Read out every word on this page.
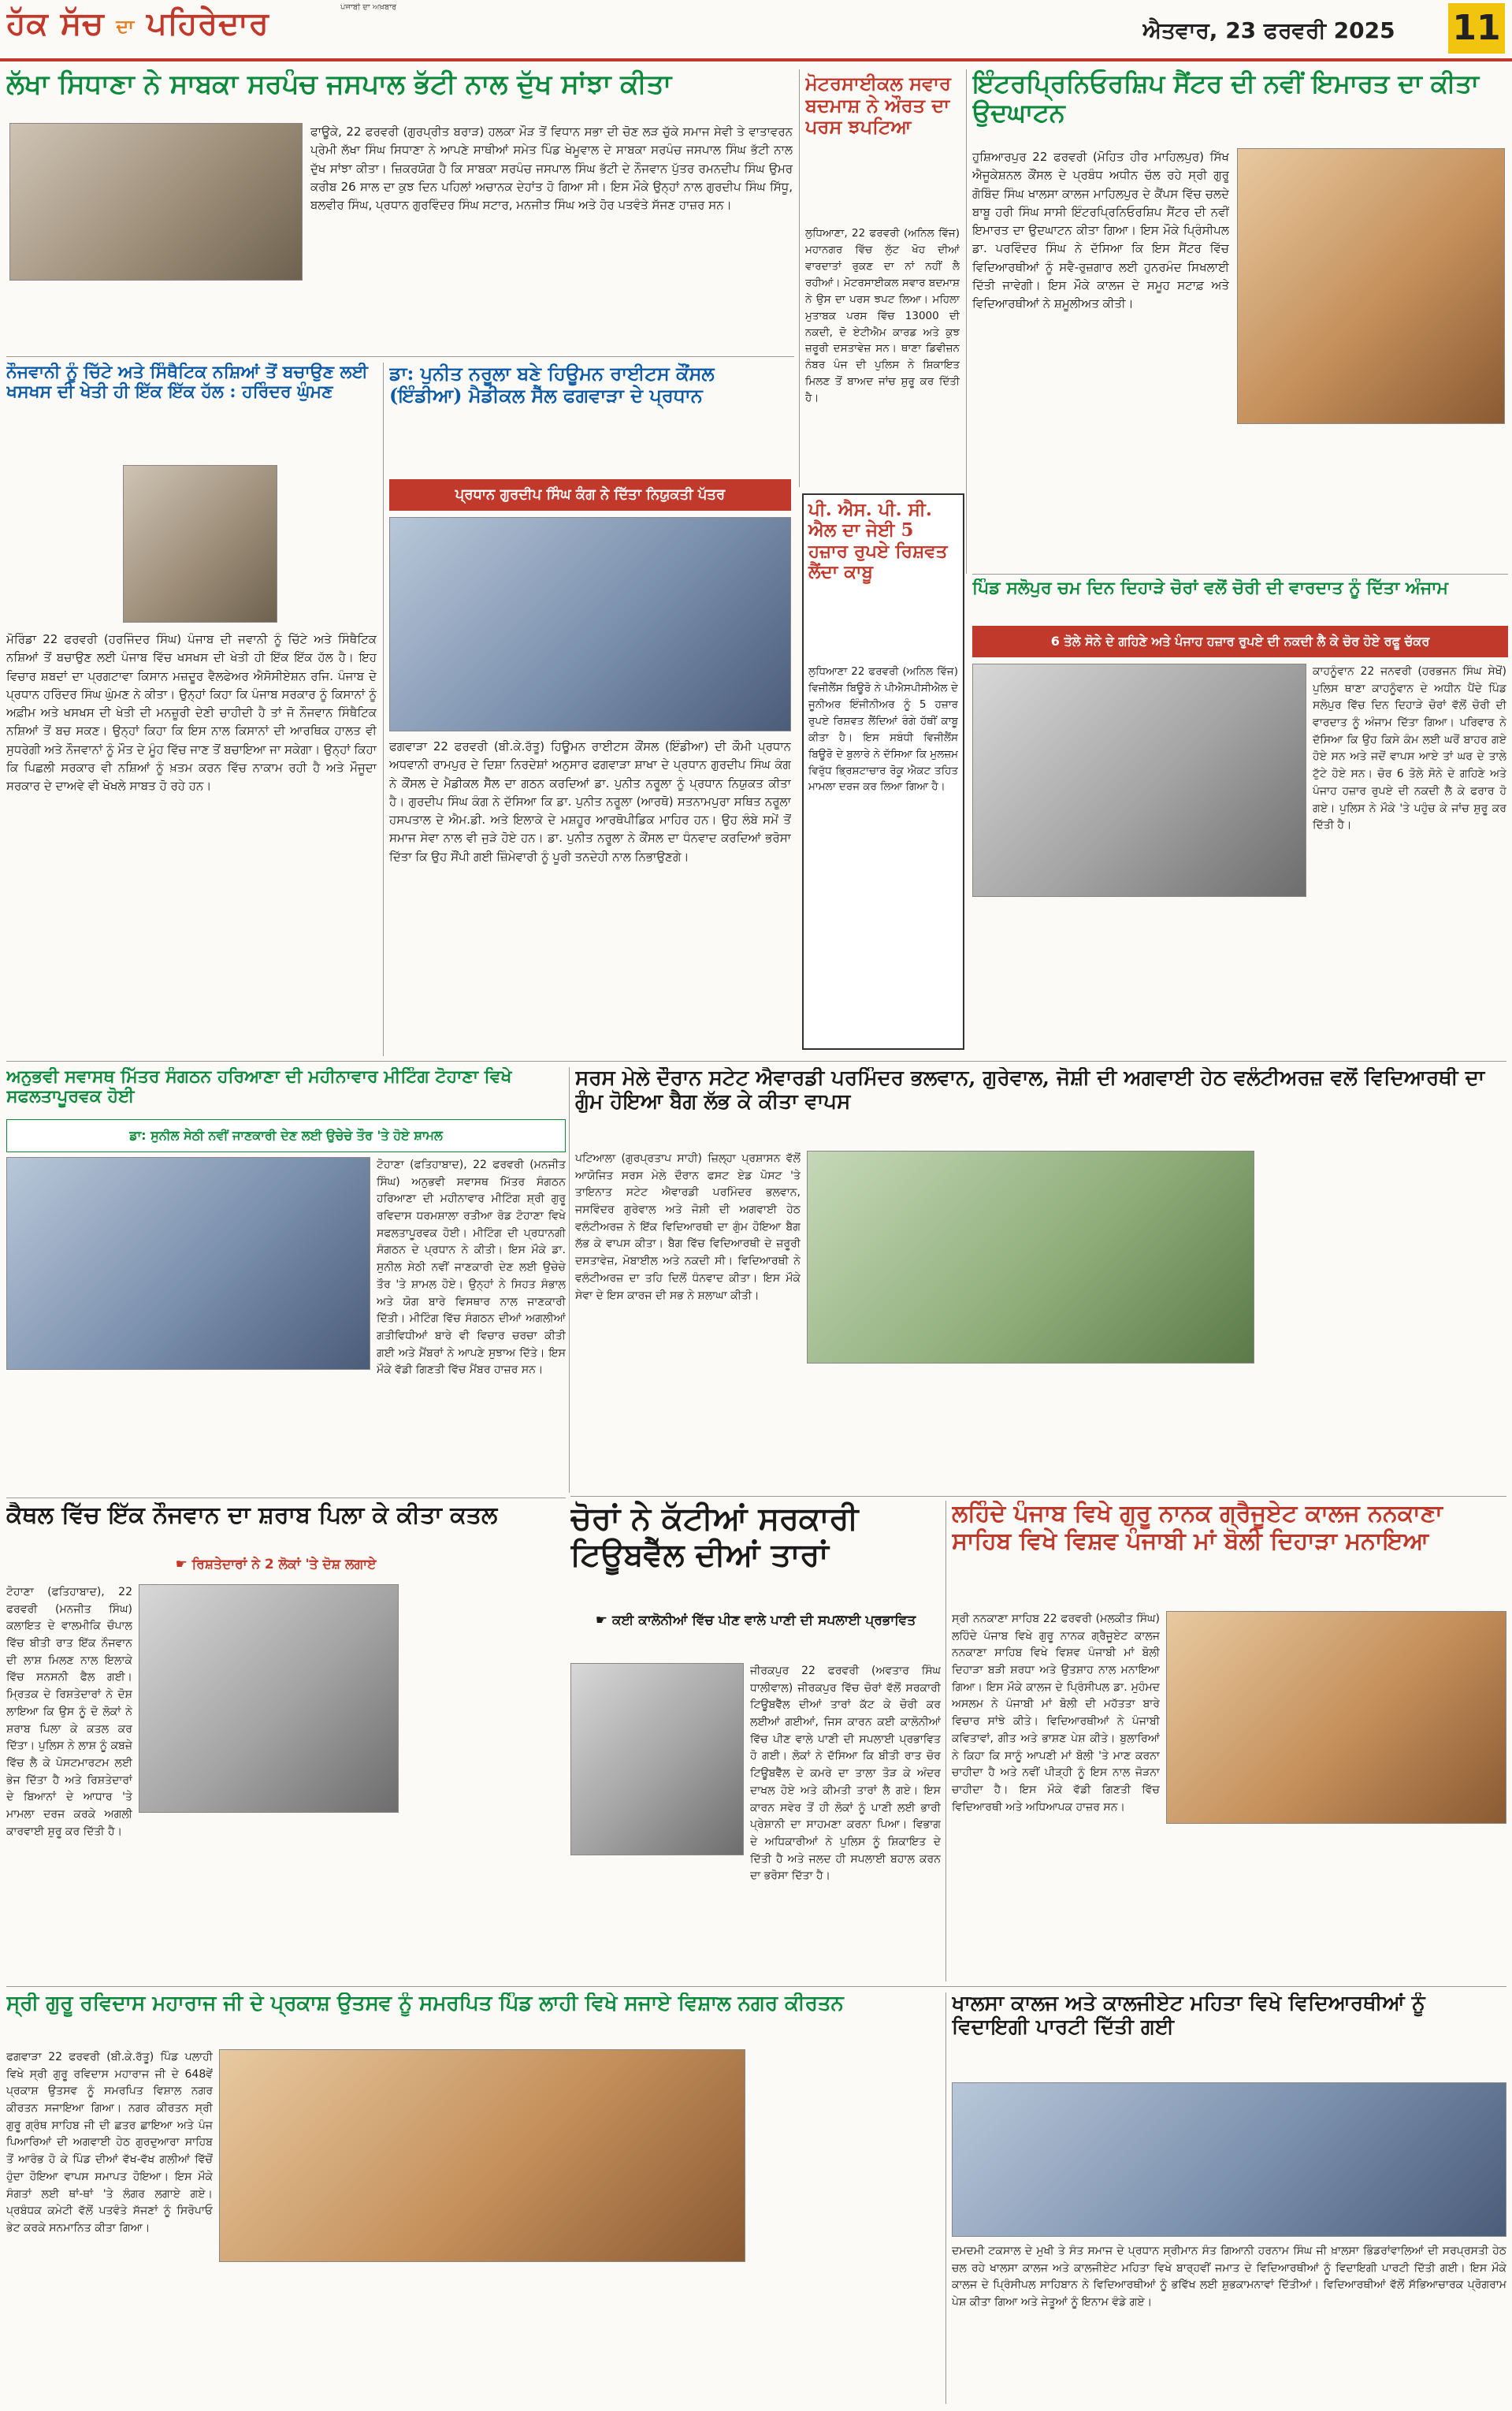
ਹੱਕ ਸੱਚ ਦਾ ਪਹਿਰੇਦਾਰ	ਪੰਜਾਬੀ ਦਾ ਅਖ਼ਬਾਰ
ਐਤਵਾਰ, 23 ਫਰਵਰੀ 2025 11
ਲੱਖਾ ਸਿਧਾਣਾ ਨੇ ਸਾਬਕਾ ਸਰਪੰਚ ਜਸਪਾਲ ਭੱਟੀ ਨਾਲ ਦੁੱਖ ਸਾਂਝਾ ਕੀਤਾ
ਫਾਊਕੇ, 22 ਫਰਵਰੀ (ਗੁਰਪ੍ਰੀਤ ਬਰਾੜ) ਹਲਕਾ ਮੌੜ ਤੋਂ ਵਿਧਾਨ ਸਭਾ ਦੀ ਚੋਣ ਲੜ ਚੁੱਕੇ ਸਮਾਜ ਸੇਵੀ ਤੇ ਵਾਤਾਵਰਨ ਪ੍ਰੇਮੀ ਲੱਖਾ ਸਿੰਘ ਸਿਧਾਣਾ ਨੇ ਆਪਣੇ ਸਾਥੀਆਂ ਸਮੇਤ ਪਿੰਡ ਖੇਮੂਵਾਲ ਦੇ ਸਾਬਕਾ ਸਰਪੰਚ ਜਸਪਾਲ ਸਿੰਘ ਭੱਟੀ ਨਾਲ ਦੁੱਖ ਸਾਂਝਾ ਕੀਤਾ। ਜ਼ਿਕਰਯੋਗ ਹੈ ਕਿ ਸਾਬਕਾ ਸਰਪੰਚ ਜਸਪਾਲ ਸਿੰਘ ਭੱਟੀ ਦੇ ਨੌਜਵਾਨ ਪੁੱਤਰ ਰਮਨਦੀਪ ਸਿੰਘ ਉਮਰ ਕਰੀਬ 26 ਸਾਲ ਦਾ ਕੁਝ ਦਿਨ ਪਹਿਲਾਂ ਅਚਾਨਕ ਦੇਹਾਂਤ ਹੋ ਗਿਆ ਸੀ। ਇਸ ਮੌਕੇ ਉਨ੍ਹਾਂ ਨਾਲ ਗੁਰਦੀਪ ਸਿੰਘ ਸਿੱਧੂ, ਬਲਵੀਰ ਸਿੰਘ, ਪ੍ਰਧਾਨ ਗੁਰਵਿੰਦਰ ਸਿੰਘ ਸਟਾਰ, ਮਨਜੀਤ ਸਿੰਘ ਅਤੇ ਹੋਰ ਪਤਵੰਤੇ ਸੱਜਣ ਹਾਜ਼ਰ ਸਨ।
ਮੋਟਰਸਾਈਕਲ ਸਵਾਰ ਬਦਮਾਸ਼ ਨੇ ਔਰਤ ਦਾ ਪਰਸ ਝਪਟਿਆ
ਲੁਧਿਆਣਾ, 22 ਫਰਵਰੀ (ਅਨਿਲ ਵਿੱਜ) ਮਹਾਨਗਰ ਵਿੱਚ ਲੁੱਟ ਖੋਹ ਦੀਆਂ ਵਾਰਦਾਤਾਂ ਰੁਕਣ ਦਾ ਨਾਂ ਨਹੀਂ ਲੈ ਰਹੀਆਂ। ਮੋਟਰਸਾਈਕਲ ਸਵਾਰ ਬਦਮਾਸ਼ ਨੇ ਉਸ ਦਾ ਪਰਸ ਝਪਟ ਲਿਆ। ਮਹਿਲਾ ਮੁਤਾਬਕ ਪਰਸ ਵਿੱਚ 13000 ਦੀ ਨਕਦੀ, ਦੋ ਏਟੀਐਮ ਕਾਰਡ ਅਤੇ ਕੁਝ ਜ਼ਰੂਰੀ ਦਸਤਾਵੇਜ਼ ਸਨ। ਥਾਣਾ ਡਿਵੀਜ਼ਨ ਨੰਬਰ ਪੰਜ ਦੀ ਪੁਲਿਸ ਨੇ ਸ਼ਿਕਾਇਤ ਮਿਲਣ ਤੋਂ ਬਾਅਦ ਜਾਂਚ ਸ਼ੁਰੂ ਕਰ ਦਿੱਤੀ ਹੈ।
ਇੰਟਰਪ੍ਰਿਨਿਓਰਸ਼ਿਪ ਸੈਂਟਰ ਦੀ ਨਵੀਂ ਇਮਾਰਤ ਦਾ ਕੀਤਾ ਉਦਘਾਟਨ
ਹੁਸ਼ਿਆਰਪੁਰ 22 ਫਰਵਰੀ (ਮੋਹਿਤ ਹੀਰ ਮਾਹਿਲਪੁਰ) ਸਿੱਖ ਐਜੂਕੇਸ਼ਨਲ ਕੌਂਸਲ ਦੇ ਪ੍ਰਬੰਧ ਅਧੀਨ ਚੱਲ ਰਹੇ ਸ੍ਰੀ ਗੁਰੂ ਗੋਬਿੰਦ ਸਿੰਘ ਖਾਲਸਾ ਕਾਲਜ ਮਾਹਿਲਪੁਰ ਦੇ ਕੈਂਪਸ ਵਿੱਚ ਚਲਦੇ ਬਾਬੂ ਹਰੀ ਸਿੰਘ ਸਾਸੀ ਇੰਟਰਪ੍ਰਿਨਿਓਰਸ਼ਿਪ ਸੈਂਟਰ ਦੀ ਨਵੀਂ ਇਮਾਰਤ ਦਾ ਉਦਘਾਟਨ ਕੀਤਾ ਗਿਆ। ਇਸ ਮੌਕੇ ਪ੍ਰਿੰਸੀਪਲ ਡਾ. ਪਰਵਿੰਦਰ ਸਿੰਘ ਨੇ ਦੱਸਿਆ ਕਿ ਇਸ ਸੈਂਟਰ ਵਿੱਚ ਵਿਦਿਆਰਥੀਆਂ ਨੂੰ ਸਵੈ-ਰੁਜ਼ਗਾਰ ਲਈ ਹੁਨਰਮੰਦ ਸਿਖਲਾਈ ਦਿੱਤੀ ਜਾਵੇਗੀ। ਇਸ ਮੌਕੇ ਕਾਲਜ ਦੇ ਸਮੂਹ ਸਟਾਫ਼ ਅਤੇ ਵਿਦਿਆਰਥੀਆਂ ਨੇ ਸ਼ਮੂਲੀਅਤ ਕੀਤੀ।
ਨੌਜਵਾਨੀ ਨੂੰ ਚਿੱਟੇ ਅਤੇ ਸਿੰਥੈਟਿਕ ਨਸ਼ਿਆਂ ਤੋਂ ਬਚਾਉਣ ਲਈ ਖਸਖਸ ਦੀ ਖੇਤੀ ਹੀ ਇੱਕ ਇੱਕ ਹੱਲ : ਹਰਿੰਦਰ ਘੁੰਮਣ
ਮੋਰਿੰਡਾ 22 ਫਰਵਰੀ (ਹਰਜਿੰਦਰ ਸਿੰਘ) ਪੰਜਾਬ ਦੀ ਜਵਾਨੀ ਨੂੰ ਚਿੱਟੇ ਅਤੇ ਸਿੰਥੈਟਿਕ ਨਸ਼ਿਆਂ ਤੋਂ ਬਚਾਉਣ ਲਈ ਪੰਜਾਬ ਵਿੱਚ ਖਸਖਸ ਦੀ ਖੇਤੀ ਹੀ ਇੱਕ ਇੱਕ ਹੱਲ ਹੈ। ਇਹ ਵਿਚਾਰ ਸ਼ਬਦਾਂ ਦਾ ਪ੍ਰਗਟਾਵਾ ਕਿਸਾਨ ਮਜ਼ਦੂਰ ਵੈਲਫੇਅਰ ਐਸੋਸੀਏਸ਼ਨ ਰਜਿ. ਪੰਜਾਬ ਦੇ ਪ੍ਰਧਾਨ ਹਰਿੰਦਰ ਸਿੰਘ ਘੁੰਮਣ ਨੇ ਕੀਤਾ। ਉਨ੍ਹਾਂ ਕਿਹਾ ਕਿ ਪੰਜਾਬ ਸਰਕਾਰ ਨੂੰ ਕਿਸਾਨਾਂ ਨੂੰ ਅਫ਼ੀਮ ਅਤੇ ਖਸਖਸ ਦੀ ਖੇਤੀ ਦੀ ਮਨਜ਼ੂਰੀ ਦੇਣੀ ਚਾਹੀਦੀ ਹੈ ਤਾਂ ਜੋ ਨੌਜਵਾਨ ਸਿੰਥੈਟਿਕ ਨਸ਼ਿਆਂ ਤੋਂ ਬਚ ਸਕਣ। ਉਨ੍ਹਾਂ ਕਿਹਾ ਕਿ ਇਸ ਨਾਲ ਕਿਸਾਨਾਂ ਦੀ ਆਰਥਿਕ ਹਾਲਤ ਵੀ ਸੁਧਰੇਗੀ ਅਤੇ ਨੌਜਵਾਨਾਂ ਨੂੰ ਮੌਤ ਦੇ ਮੂੰਹ ਵਿੱਚ ਜਾਣ ਤੋਂ ਬਚਾਇਆ ਜਾ ਸਕੇਗਾ। ਉਨ੍ਹਾਂ ਕਿਹਾ ਕਿ ਪਿਛਲੀ ਸਰਕਾਰ ਵੀ ਨਸ਼ਿਆਂ ਨੂੰ ਖ਼ਤਮ ਕਰਨ ਵਿੱਚ ਨਾਕਾਮ ਰਹੀ ਹੈ ਅਤੇ ਮੌਜੂਦਾ ਸਰਕਾਰ ਦੇ ਦਾਅਵੇ ਵੀ ਖੋਖਲੇ ਸਾਬਤ ਹੋ ਰਹੇ ਹਨ।
ਡਾ: ਪੁਨੀਤ ਨਰੂਲਾ ਬਣੇ ਹਿਊਮਨ ਰਾਈਟਸ ਕੌਂਸਲ (ਇੰਡੀਆ) ਮੈਡੀਕਲ ਸੈੱਲ ਫਗਵਾੜਾ ਦੇ ਪ੍ਰਧਾਨ
ਪ੍ਰਧਾਨ ਗੁਰਦੀਪ ਸਿੰਘ ਕੰਗ ਨੇ ਦਿੱਤਾ ਨਿਯੁਕਤੀ ਪੱਤਰ
ਫਗਵਾੜਾ 22 ਫਰਵਰੀ (ਬੀ.ਕੇ.ਰੱਤੂ) ਹਿਊਮਨ ਰਾਈਟਸ ਕੌਂਸਲ (ਇੰਡੀਆ) ਦੀ ਕੌਮੀ ਪ੍ਰਧਾਨ ਅਧਵਾਨੀ ਰਾਮਪੁਰ ਦੇ ਦਿਸ਼ਾ ਨਿਰਦੇਸ਼ਾਂ ਅਨੁਸਾਰ ਫਗਵਾੜਾ ਸ਼ਾਖਾ ਦੇ ਪ੍ਰਧਾਨ ਗੁਰਦੀਪ ਸਿੰਘ ਕੰਗ ਨੇ ਕੌਂਸਲ ਦੇ ਮੈਡੀਕਲ ਸੈੱਲ ਦਾ ਗਠਨ ਕਰਦਿਆਂ ਡਾ. ਪੁਨੀਤ ਨਰੂਲਾ ਨੂੰ ਪ੍ਰਧਾਨ ਨਿਯੁਕਤ ਕੀਤਾ ਹੈ। ਗੁਰਦੀਪ ਸਿੰਘ ਕੰਗ ਨੇ ਦੱਸਿਆ ਕਿ ਡਾ. ਪੁਨੀਤ ਨਰੂਲਾ (ਆਰਥੋ) ਸਤਨਾਮਪੁਰਾ ਸਥਿਤ ਨਰੂਲਾ ਹਸਪਤਾਲ ਦੇ ਐਮ.ਡੀ. ਅਤੇ ਇਲਾਕੇ ਦੇ ਮਸ਼ਹੂਰ ਆਰਥੋਪੀਡਿਕ ਮਾਹਿਰ ਹਨ। ਉਹ ਲੰਬੇ ਸਮੇਂ ਤੋਂ ਸਮਾਜ ਸੇਵਾ ਨਾਲ ਵੀ ਜੁੜੇ ਹੋਏ ਹਨ। ਡਾ. ਪੁਨੀਤ ਨਰੂਲਾ ਨੇ ਕੌਂਸਲ ਦਾ ਧੰਨਵਾਦ ਕਰਦਿਆਂ ਭਰੋਸਾ ਦਿੱਤਾ ਕਿ ਉਹ ਸੌਂਪੀ ਗਈ ਜ਼ਿੰਮੇਵਾਰੀ ਨੂੰ ਪੂਰੀ ਤਨਦੇਹੀ ਨਾਲ ਨਿਭਾਉਣਗੇ।
ਪੀ. ਐਸ. ਪੀ. ਸੀ. ਐਲ ਦਾ ਜੇਈ 5 ਹਜ਼ਾਰ ਰੁਪਏ ਰਿਸ਼ਵਤ ਲੈਂਦਾ ਕਾਬੂ
ਲੁਧਿਆਣਾ 22 ਫਰਵਰੀ (ਅਨਿਲ ਵਿੱਜ) ਵਿਜੀਲੈਂਸ ਬਿਊਰੋ ਨੇ ਪੀਐਸਪੀਸੀਐਲ ਦੇ ਜੂਨੀਅਰ ਇੰਜੀਨੀਅਰ ਨੂੰ 5 ਹਜ਼ਾਰ ਰੁਪਏ ਰਿਸ਼ਵਤ ਲੈਂਦਿਆਂ ਰੰਗੇ ਹੱਥੀਂ ਕਾਬੂ ਕੀਤਾ ਹੈ। ਇਸ ਸਬੰਧੀ ਵਿਜੀਲੈਂਸ ਬਿਊਰੋ ਦੇ ਬੁਲਾਰੇ ਨੇ ਦੱਸਿਆ ਕਿ ਮੁਲਜ਼ਮ ਵਿਰੁੱਧ ਭ੍ਰਿਸ਼ਟਾਚਾਰ ਰੋਕੂ ਐਕਟ ਤਹਿਤ ਮਾਮਲਾ ਦਰਜ ਕਰ ਲਿਆ ਗਿਆ ਹੈ।
ਪਿੰਡ ਸਲੋਪੁਰ ਚਮ ਦਿਨ ਦਿਹਾੜੇ ਚੋਰਾਂ ਵਲੋਂ ਚੋਰੀ ਦੀ ਵਾਰਦਾਤ ਨੂੰ ਦਿੱਤਾ ਅੰਜਾਮ
6 ਤੋਲੇ ਸੋਨੇ ਦੇ ਗਹਿਣੇ ਅਤੇ ਪੰਜਾਹ ਹਜ਼ਾਰ ਰੁਪਏ ਦੀ ਨਕਦੀ ਲੈ ਕੇ ਚੋਰ ਹੋਏ ਰਫੂ ਚੱਕਰ
ਕਾਹਨੂੰਵਾਨ 22 ਜਨਵਰੀ (ਹਰਭਜਨ ਸਿੰਘ ਸੇਖੋਂ) ਪੁਲਿਸ ਥਾਣਾ ਕਾਹਨੂੰਵਾਨ ਦੇ ਅਧੀਨ ਪੈਂਦੇ ਪਿੰਡ ਸਲੋਪੁਰ ਵਿੱਚ ਦਿਨ ਦਿਹਾੜੇ ਚੋਰਾਂ ਵੱਲੋਂ ਚੋਰੀ ਦੀ ਵਾਰਦਾਤ ਨੂੰ ਅੰਜਾਮ ਦਿੱਤਾ ਗਿਆ। ਪਰਿਵਾਰ ਨੇ ਦੱਸਿਆ ਕਿ ਉਹ ਕਿਸੇ ਕੰਮ ਲਈ ਘਰੋਂ ਬਾਹਰ ਗਏ ਹੋਏ ਸਨ ਅਤੇ ਜਦੋਂ ਵਾਪਸ ਆਏ ਤਾਂ ਘਰ ਦੇ ਤਾਲੇ ਟੁੱਟੇ ਹੋਏ ਸਨ। ਚੋਰ 6 ਤੋਲੇ ਸੋਨੇ ਦੇ ਗਹਿਣੇ ਅਤੇ ਪੰਜਾਹ ਹਜ਼ਾਰ ਰੁਪਏ ਦੀ ਨਕਦੀ ਲੈ ਕੇ ਫਰਾਰ ਹੋ ਗਏ। ਪੁਲਿਸ ਨੇ ਮੌਕੇ 'ਤੇ ਪਹੁੰਚ ਕੇ ਜਾਂਚ ਸ਼ੁਰੂ ਕਰ ਦਿੱਤੀ ਹੈ।
ਅਨੁਭਵੀ ਸਵਾਸਥ ਮਿੱਤਰ ਸੰਗਠਨ ਹਰਿਆਣਾ ਦੀ ਮਹੀਨਾਵਾਰ ਮੀਟਿੰਗ ਟੋਹਾਣਾ ਵਿਖੇ ਸਫਲਤਾਪੂਰਵਕ ਹੋਈ
ਡਾ: ਸੁਨੀਲ ਸੇਠੀ ਨਵੀਂ ਜਾਣਕਾਰੀ ਦੇਣ ਲਈ ਉਚੇਚੇ ਤੌਰ 'ਤੇ ਹੋਏ ਸ਼ਾਮਲ
ਟੋਹਾਣਾ (ਫਤਿਹਾਬਾਦ), 22 ਫਰਵਰੀ (ਮਨਜੀਤ ਸਿੰਘ) ਅਨੁਭਵੀ ਸਵਾਸਥ ਮਿੱਤਰ ਸੰਗਠਨ ਹਰਿਆਣਾ ਦੀ ਮਹੀਨਾਵਾਰ ਮੀਟਿੰਗ ਸ਼੍ਰੀ ਗੁਰੂ ਰਵਿਦਾਸ ਧਰਮਸ਼ਾਲਾ ਰਤੀਆ ਰੋਡ ਟੋਹਾਣਾ ਵਿਖੇ ਸਫਲਤਾਪੂਰਵਕ ਹੋਈ। ਮੀਟਿੰਗ ਦੀ ਪ੍ਰਧਾਨਗੀ ਸੰਗਠਨ ਦੇ ਪ੍ਰਧਾਨ ਨੇ ਕੀਤੀ। ਇਸ ਮੌਕੇ ਡਾ. ਸੁਨੀਲ ਸੇਠੀ ਨਵੀਂ ਜਾਣਕਾਰੀ ਦੇਣ ਲਈ ਉਚੇਚੇ ਤੌਰ 'ਤੇ ਸ਼ਾਮਲ ਹੋਏ। ਉਨ੍ਹਾਂ ਨੇ ਸਿਹਤ ਸੰਭਾਲ ਅਤੇ ਯੋਗ ਬਾਰੇ ਵਿਸਥਾਰ ਨਾਲ ਜਾਣਕਾਰੀ ਦਿੱਤੀ। ਮੀਟਿੰਗ ਵਿੱਚ ਸੰਗਠਨ ਦੀਆਂ ਅਗਲੀਆਂ ਗਤੀਵਿਧੀਆਂ ਬਾਰੇ ਵੀ ਵਿਚਾਰ ਚਰਚਾ ਕੀਤੀ ਗਈ ਅਤੇ ਮੈਂਬਰਾਂ ਨੇ ਆਪਣੇ ਸੁਝਾਅ ਦਿੱਤੇ। ਇਸ ਮੌਕੇ ਵੱਡੀ ਗਿਣਤੀ ਵਿੱਚ ਮੈਂਬਰ ਹਾਜ਼ਰ ਸਨ।
ਸਰਸ ਮੇਲੇ ਦੌਰਾਨ ਸਟੇਟ ਐਵਾਰਡੀ ਪਰਮਿੰਦਰ ਭਲਵਾਨ, ਗੁਰੇਵਾਲ, ਜੋਸ਼ੀ ਦੀ ਅਗਵਾਈ ਹੇਠ ਵਲੰਟੀਅਰਜ਼ ਵਲੋਂ ਵਿਦਿਆਰਥੀ ਦਾ ਗੁੰਮ ਹੋਇਆ ਬੈਗ ਲੱਭ ਕੇ ਕੀਤਾ ਵਾਪਸ
ਪਟਿਆਲਾ (ਗੁਰਪ੍ਰਤਾਪ ਸਾਹੀ) ਜ਼ਿਲ੍ਹਾ ਪ੍ਰਸ਼ਾਸਨ ਵੱਲੋਂ ਆਯੋਜਿਤ ਸਰਸ ਮੇਲੇ ਦੌਰਾਨ ਫਸਟ ਏਡ ਪੋਸਟ 'ਤੇ ਤਾਇਨਾਤ ਸਟੇਟ ਐਵਾਰਡੀ ਪਰਮਿੰਦਰ ਭਲਵਾਨ, ਜਸਵਿੰਦਰ ਗੁਰੇਵਾਲ ਅਤੇ ਜੋਸ਼ੀ ਦੀ ਅਗਵਾਈ ਹੇਠ ਵਲੰਟੀਅਰਜ਼ ਨੇ ਇੱਕ ਵਿਦਿਆਰਥੀ ਦਾ ਗੁੰਮ ਹੋਇਆ ਬੈਗ ਲੱਭ ਕੇ ਵਾਪਸ ਕੀਤਾ। ਬੈਗ ਵਿੱਚ ਵਿਦਿਆਰਥੀ ਦੇ ਜ਼ਰੂਰੀ ਦਸਤਾਵੇਜ਼, ਮੋਬਾਈਲ ਅਤੇ ਨਕਦੀ ਸੀ। ਵਿਦਿਆਰਥੀ ਨੇ ਵਲੰਟੀਅਰਜ਼ ਦਾ ਤਹਿ ਦਿਲੋਂ ਧੰਨਵਾਦ ਕੀਤਾ। ਇਸ ਮੌਕੇ ਸੇਵਾ ਦੇ ਇਸ ਕਾਰਜ ਦੀ ਸਭ ਨੇ ਸ਼ਲਾਘਾ ਕੀਤੀ।
ਚੋਰਾਂ ਨੇ ਕੱਟੀਆਂ ਸਰਕਾਰੀ ਟਿਊਬਵੈੱਲ ਦੀਆਂ ਤਾਰਾਂ
☛ ਕਈ ਕਾਲੋਨੀਆਂ ਵਿੱਚ ਪੀਣ ਵਾਲੇ ਪਾਣੀ ਦੀ ਸਪਲਾਈ ਪ੍ਰਭਾਵਿਤ
ਜੀਰਕਪੁਰ 22 ਫਰਵਰੀ (ਅਵਤਾਰ ਸਿੰਘ ਧਾਲੀਵਾਲ) ਜੀਰਕਪੁਰ ਵਿੱਚ ਚੋਰਾਂ ਵੱਲੋਂ ਸਰਕਾਰੀ ਟਿਊਬਵੈੱਲ ਦੀਆਂ ਤਾਰਾਂ ਕੱਟ ਕੇ ਚੋਰੀ ਕਰ ਲਈਆਂ ਗਈਆਂ, ਜਿਸ ਕਾਰਨ ਕਈ ਕਾਲੋਨੀਆਂ ਵਿੱਚ ਪੀਣ ਵਾਲੇ ਪਾਣੀ ਦੀ ਸਪਲਾਈ ਪ੍ਰਭਾਵਿਤ ਹੋ ਗਈ। ਲੋਕਾਂ ਨੇ ਦੱਸਿਆ ਕਿ ਬੀਤੀ ਰਾਤ ਚੋਰ ਟਿਊਬਵੈੱਲ ਦੇ ਕਮਰੇ ਦਾ ਤਾਲਾ ਤੋੜ ਕੇ ਅੰਦਰ ਦਾਖਲ ਹੋਏ ਅਤੇ ਕੀਮਤੀ ਤਾਰਾਂ ਲੈ ਗਏ। ਇਸ ਕਾਰਨ ਸਵੇਰ ਤੋਂ ਹੀ ਲੋਕਾਂ ਨੂੰ ਪਾਣੀ ਲਈ ਭਾਰੀ ਪ੍ਰੇਸ਼ਾਨੀ ਦਾ ਸਾਹਮਣਾ ਕਰਨਾ ਪਿਆ। ਵਿਭਾਗ ਦੇ ਅਧਿਕਾਰੀਆਂ ਨੇ ਪੁਲਿਸ ਨੂੰ ਸ਼ਿਕਾਇਤ ਦੇ ਦਿੱਤੀ ਹੈ ਅਤੇ ਜਲਦ ਹੀ ਸਪਲਾਈ ਬਹਾਲ ਕਰਨ ਦਾ ਭਰੋਸਾ ਦਿੱਤਾ ਹੈ।
ਲਹਿੰਦੇ ਪੰਜਾਬ ਵਿਖੇ ਗੁਰੂ ਨਾਨਕ ਗ੍ਰੈਜੂਏਟ ਕਾਲਜ ਨਨਕਾਣਾ ਸਾਹਿਬ ਵਿਖੇ ਵਿਸ਼ਵ ਪੰਜਾਬੀ ਮਾਂ ਬੋਲੀ ਦਿਹਾੜਾ ਮਨਾਇਆ
ਸ੍ਰੀ ਨਨਕਾਣਾ ਸਾਹਿਬ 22 ਫਰਵਰੀ (ਮਲਕੀਤ ਸਿੰਘ) ਲਹਿੰਦੇ ਪੰਜਾਬ ਵਿਖੇ ਗੁਰੂ ਨਾਨਕ ਗ੍ਰੈਜੂਏਟ ਕਾਲਜ ਨਨਕਾਣਾ ਸਾਹਿਬ ਵਿਖੇ ਵਿਸ਼ਵ ਪੰਜਾਬੀ ਮਾਂ ਬੋਲੀ ਦਿਹਾੜਾ ਬੜੀ ਸ਼ਰਧਾ ਅਤੇ ਉਤਸ਼ਾਹ ਨਾਲ ਮਨਾਇਆ ਗਿਆ। ਇਸ ਮੌਕੇ ਕਾਲਜ ਦੇ ਪ੍ਰਿੰਸੀਪਲ ਡਾ. ਮੁਹੰਮਦ ਅਸਲਮ ਨੇ ਪੰਜਾਬੀ ਮਾਂ ਬੋਲੀ ਦੀ ਮਹੱਤਤਾ ਬਾਰੇ ਵਿਚਾਰ ਸਾਂਝੇ ਕੀਤੇ। ਵਿਦਿਆਰਥੀਆਂ ਨੇ ਪੰਜਾਬੀ ਕਵਿਤਾਵਾਂ, ਗੀਤ ਅਤੇ ਭਾਸ਼ਣ ਪੇਸ਼ ਕੀਤੇ। ਬੁਲਾਰਿਆਂ ਨੇ ਕਿਹਾ ਕਿ ਸਾਨੂੰ ਆਪਣੀ ਮਾਂ ਬੋਲੀ 'ਤੇ ਮਾਣ ਕਰਨਾ ਚਾਹੀਦਾ ਹੈ ਅਤੇ ਨਵੀਂ ਪੀੜ੍ਹੀ ਨੂੰ ਇਸ ਨਾਲ ਜੋੜਨਾ ਚਾਹੀਦਾ ਹੈ। ਇਸ ਮੌਕੇ ਵੱਡੀ ਗਿਣਤੀ ਵਿੱਚ ਵਿਦਿਆਰਥੀ ਅਤੇ ਅਧਿਆਪਕ ਹਾਜ਼ਰ ਸਨ।
ਕੈਥਲ ਵਿੱਚ ਇੱਕ ਨੌਜਵਾਨ ਦਾ ਸ਼ਰਾਬ ਪਿਲਾ ਕੇ ਕੀਤਾ ਕਤਲ
☛ ਰਿਸ਼ਤੇਦਾਰਾਂ ਨੇ 2 ਲੋਕਾਂ 'ਤੇ ਦੋਸ਼ ਲਗਾਏ
ਟੋਹਾਣਾ (ਫਤਿਹਾਬਾਦ), 22 ਫਰਵਰੀ (ਮਨਜੀਤ ਸਿੰਘ) ਕਲਾਇਤ ਦੇ ਵਾਲਮੀਕਿ ਚੌਪਾਲ ਵਿੱਚ ਬੀਤੀ ਰਾਤ ਇੱਕ ਨੌਜਵਾਨ ਦੀ ਲਾਸ਼ ਮਿਲਣ ਨਾਲ ਇਲਾਕੇ ਵਿੱਚ ਸਨਸਨੀ ਫੈਲ ਗਈ। ਮ੍ਰਿਤਕ ਦੇ ਰਿਸ਼ਤੇਦਾਰਾਂ ਨੇ ਦੋਸ਼ ਲਾਇਆ ਕਿ ਉਸ ਨੂੰ ਦੋ ਲੋਕਾਂ ਨੇ ਸ਼ਰਾਬ ਪਿਲਾ ਕੇ ਕਤਲ ਕਰ ਦਿੱਤਾ। ਪੁਲਿਸ ਨੇ ਲਾਸ਼ ਨੂੰ ਕਬਜ਼ੇ ਵਿੱਚ ਲੈ ਕੇ ਪੋਸਟਮਾਰਟਮ ਲਈ ਭੇਜ ਦਿੱਤਾ ਹੈ ਅਤੇ ਰਿਸ਼ਤੇਦਾਰਾਂ ਦੇ ਬਿਆਨਾਂ ਦੇ ਆਧਾਰ 'ਤੇ ਮਾਮਲਾ ਦਰਜ ਕਰਕੇ ਅਗਲੀ ਕਾਰਵਾਈ ਸ਼ੁਰੂ ਕਰ ਦਿੱਤੀ ਹੈ।
ਸ੍ਰੀ ਗੁਰੂ ਰਵਿਦਾਸ ਮਹਾਰਾਜ ਜੀ ਦੇ ਪ੍ਰਕਾਸ਼ ਉਤਸਵ ਨੂੰ ਸਮਰਪਿਤ ਪਿੰਡ ਲਾਹੀ ਵਿਖੇ ਸਜਾਏ ਵਿਸ਼ਾਲ ਨਗਰ ਕੀਰਤਨ
ਫਗਵਾੜਾ 22 ਫਰਵਰੀ (ਬੀ.ਕੇ.ਰੱਤੂ) ਪਿੰਡ ਪਲਾਹੀ ਵਿਖੇ ਸ੍ਰੀ ਗੁਰੂ ਰਵਿਦਾਸ ਮਹਾਰਾਜ ਜੀ ਦੇ 648ਵੇਂ ਪ੍ਰਕਾਸ਼ ਉਤਸਵ ਨੂੰ ਸਮਰਪਿਤ ਵਿਸ਼ਾਲ ਨਗਰ ਕੀਰਤਨ ਸਜਾਇਆ ਗਿਆ। ਨਗਰ ਕੀਰਤਨ ਸ੍ਰੀ ਗੁਰੂ ਗ੍ਰੰਥ ਸਾਹਿਬ ਜੀ ਦੀ ਛਤਰ ਛਾਇਆ ਅਤੇ ਪੰਜ ਪਿਆਰਿਆਂ ਦੀ ਅਗਵਾਈ ਹੇਠ ਗੁਰਦੁਆਰਾ ਸਾਹਿਬ ਤੋਂ ਆਰੰਭ ਹੋ ਕੇ ਪਿੰਡ ਦੀਆਂ ਵੱਖ-ਵੱਖ ਗਲੀਆਂ ਵਿੱਚੋਂ ਹੁੰਦਾ ਹੋਇਆ ਵਾਪਸ ਸਮਾਪਤ ਹੋਇਆ। ਇਸ ਮੌਕੇ ਸੰਗਤਾਂ ਲਈ ਥਾਂ-ਥਾਂ 'ਤੇ ਲੰਗਰ ਲਗਾਏ ਗਏ। ਪ੍ਰਬੰਧਕ ਕਮੇਟੀ ਵੱਲੋਂ ਪਤਵੰਤੇ ਸੱਜਣਾਂ ਨੂੰ ਸਿਰੋਪਾਓ ਭੇਟ ਕਰਕੇ ਸਨਮਾਨਿਤ ਕੀਤਾ ਗਿਆ।
ਖਾਲਸਾ ਕਾਲਜ ਅਤੇ ਕਾਲਜੀਏਟ ਮਹਿਤਾ ਵਿਖੇ ਵਿਦਿਆਰਥੀਆਂ ਨੂੰ ਵਿਦਾਇਗੀ ਪਾਰਟੀ ਦਿੱਤੀ ਗਈ
ਦਮਦਮੀ ਟਕਸਾਲ ਦੇ ਮੁਖੀ ਤੇ ਸੰਤ ਸਮਾਜ ਦੇ ਪ੍ਰਧਾਨ ਸ੍ਰੀਮਾਨ ਸੰਤ ਗਿਆਨੀ ਹਰਨਾਮ ਸਿੰਘ ਜੀ ਖ਼ਾਲਸਾ ਭਿੰਡਰਾਂਵਾਲਿਆਂ ਦੀ ਸਰਪ੍ਰਸਤੀ ਹੇਠ ਚਲ ਰਹੇ ਖਾਲਸਾ ਕਾਲਜ ਅਤੇ ਕਾਲਜੀਏਟ ਮਹਿਤਾ ਵਿਖੇ ਬਾਰ੍ਹਵੀਂ ਜਮਾਤ ਦੇ ਵਿਦਿਆਰਥੀਆਂ ਨੂੰ ਵਿਦਾਇਗੀ ਪਾਰਟੀ ਦਿੱਤੀ ਗਈ। ਇਸ ਮੌਕੇ ਕਾਲਜ ਦੇ ਪ੍ਰਿੰਸੀਪਲ ਸਾਹਿਬਾਨ ਨੇ ਵਿਦਿਆਰਥੀਆਂ ਨੂੰ ਭਵਿੱਖ ਲਈ ਸ਼ੁਭਕਾਮਨਾਵਾਂ ਦਿੱਤੀਆਂ। ਵਿਦਿਆਰਥੀਆਂ ਵੱਲੋਂ ਸੱਭਿਆਚਾਰਕ ਪ੍ਰੋਗਰਾਮ ਪੇਸ਼ ਕੀਤਾ ਗਿਆ ਅਤੇ ਜੇਤੂਆਂ ਨੂੰ ਇਨਾਮ ਵੰਡੇ ਗਏ।
